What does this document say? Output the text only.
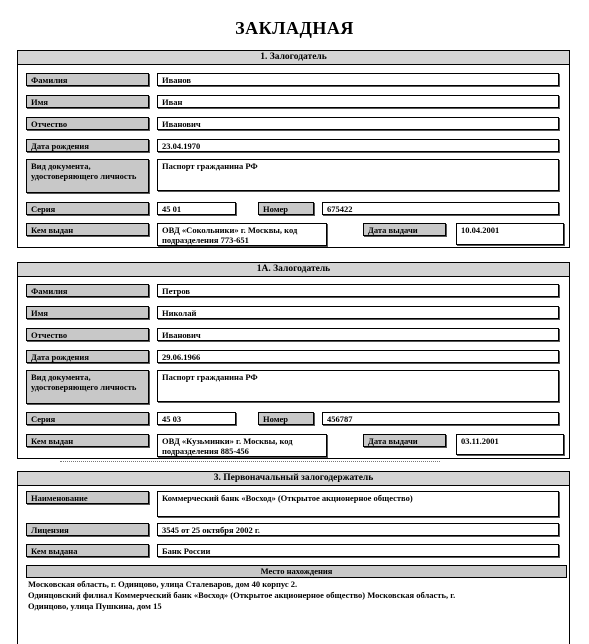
ЗАКЛАДНАЯ
1. Залогодатель
Фамилия	Иванов
Имя	Иван
Отчество	Иванович
Дата рождения	23.04.1970
Вид документа, удостоверяющего личность
Паспорт гражданина РФ
Серия	45 01	Номер	675422
Кем выдан	ОВД «Сокольники» г. Москвы, код подразделения 773-651
Дата выдачи	10.04.2001
1А. Залогодатель
Фамилия	Петров
Имя	Николай
Отчество	Иванович
Дата рождения	29.06.1966
Вид документа, удостоверяющего личность
Паспорт гражданина РФ
Серия	45 03	Номер	456787
Кем выдан	ОВД «Кузьминки» г. Москвы, код подразделения 885-456
Дата выдачи	03.11.2001
3. Первоначальный залогодержатель
Наименование	Коммерческий банк «Восход» (Открытое акционерное общество)
Лицензия	3545 от 25 октября 2002 г.
Кем выдана	Банк России
Место нахождения
Московская область, г. Одинцово, улица Сталеваров, дом 40 корпус 2.
Одинцовский филиал Коммерческий банк «Восход» (Открытое акционерное общество) Московская область, г.
Одинцово, улица Пушкина, дом 15
